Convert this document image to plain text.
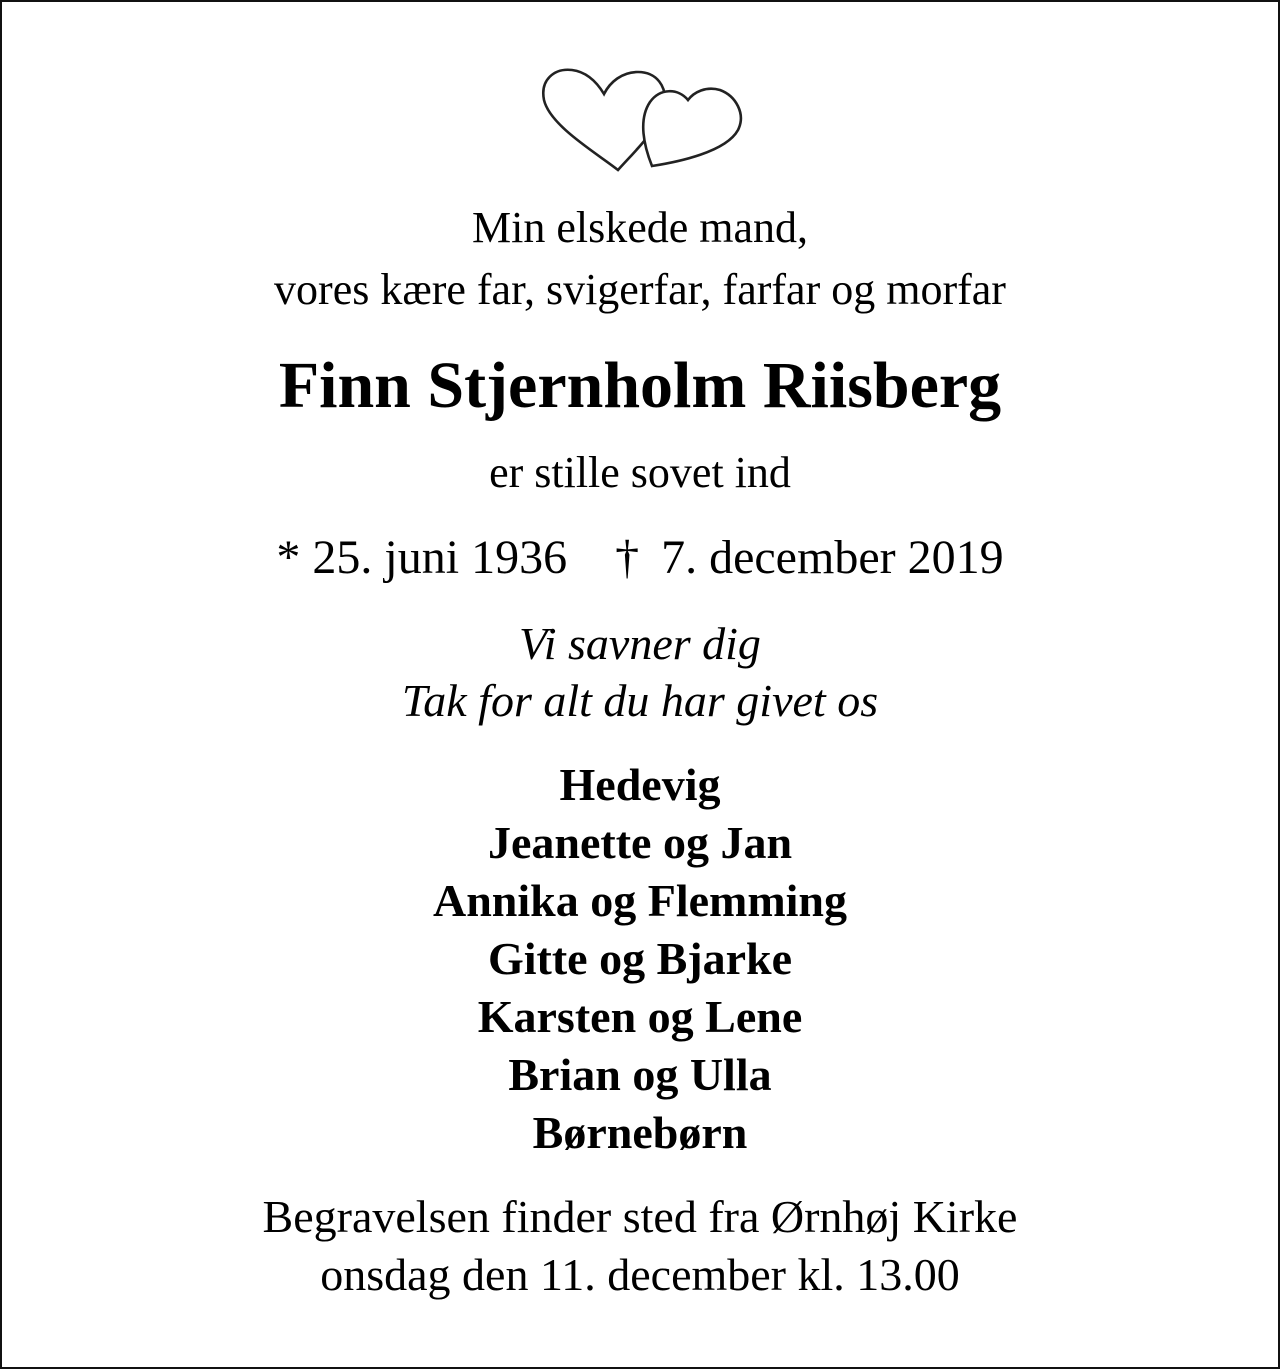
Min elskede mand,
vores kære far, svigerfar, farfar og morfar
Finn Stjernholm Riisberg
er stille sovet ind
* 25. juni 1936 † 7. december 2019
Vi savner dig
Tak for alt du har givet os
Hedevig
Jeanette og Jan
Annika og Flemming
Gitte og Bjarke
Karsten og Lene
Brian og Ulla
Børnebørn
Begravelsen finder sted fra Ørnhøj Kirke
onsdag den 11. december kl. 13.00
